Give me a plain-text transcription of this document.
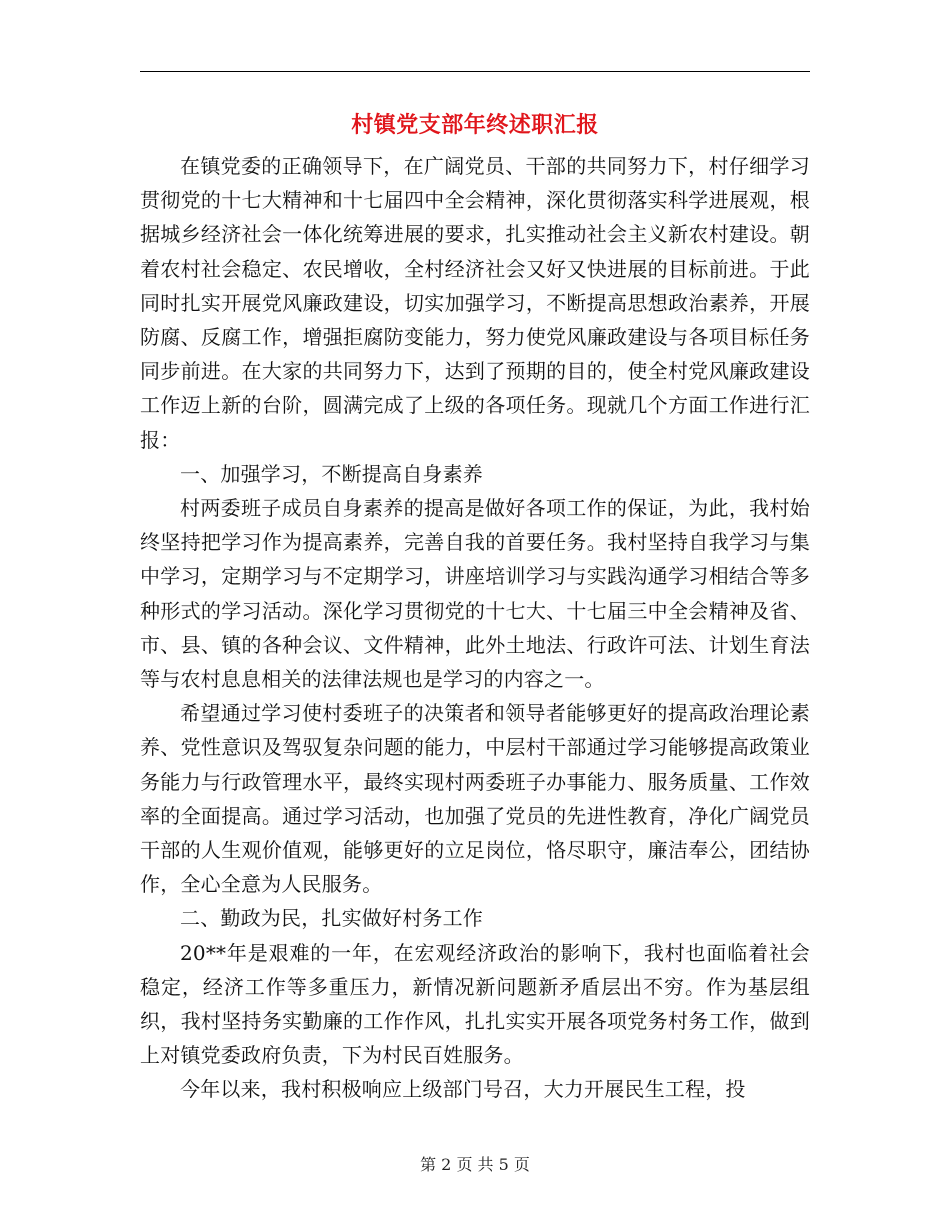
村镇党支部年终述职汇报

在镇党委的正确领导下，在广阔党员、干部的共同努力下，村仔细学习贯彻党的十七大精神和十七届四中全会精神，深化贯彻落实科学进展观，根据城乡经济社会一体化统筹进展的要求，扎实推动社会主义新农村建设。朝着农村社会稳定、农民增收，全村经济社会又好又快进展的目标前进。于此同时扎实开展党风廉政建设，切实加强学习，不断提高思想政治素养，开展防腐、反腐工作，增强拒腐防变能力，努力使党风廉政建设与各项目标任务同步前进。在大家的共同努力下，达到了预期的目的，使全村党风廉政建设工作迈上新的台阶，圆满完成了上级的各项任务。现就几个方面工作进行汇报：

一、加强学习，不断提高自身素养

村两委班子成员自身素养的提高是做好各项工作的保证，为此，我村始终坚持把学习作为提高素养，完善自我的首要任务。我村坚持自我学习与集中学习，定期学习与不定期学习，讲座培训学习与实践沟通学习相结合等多种形式的学习活动。深化学习贯彻党的十七大、十七届三中全会精神及省、市、县、镇的各种会议、文件精神，此外土地法、行政许可法、计划生育法等与农村息息相关的法律法规也是学习的内容之一。

希望通过学习使村委班子的决策者和领导者能够更好的提高政治理论素养、党性意识及驾驭复杂问题的能力，中层村干部通过学习能够提高政策业务能力与行政管理水平，最终实现村两委班子办事能力、服务质量、工作效率的全面提高。通过学习活动，也加强了党员的先进性教育，净化广阔党员干部的人生观价值观，能够更好的立足岗位，恪尽职守，廉洁奉公，团结协作，全心全意为人民服务。

二、勤政为民，扎实做好村务工作

20**年是艰难的一年，在宏观经济政治的影响下，我村也面临着社会稳定，经济工作等多重压力，新情况新问题新矛盾层出不穷。作为基层组织，我村坚持务实勤廉的工作作风，扎扎实实开展各项党务村务工作，做到上对镇党委政府负责，下为村民百姓服务。

今年以来，我村积极响应上级部门号召，大力开展民生工程，投

第 2 页 共 5 页
